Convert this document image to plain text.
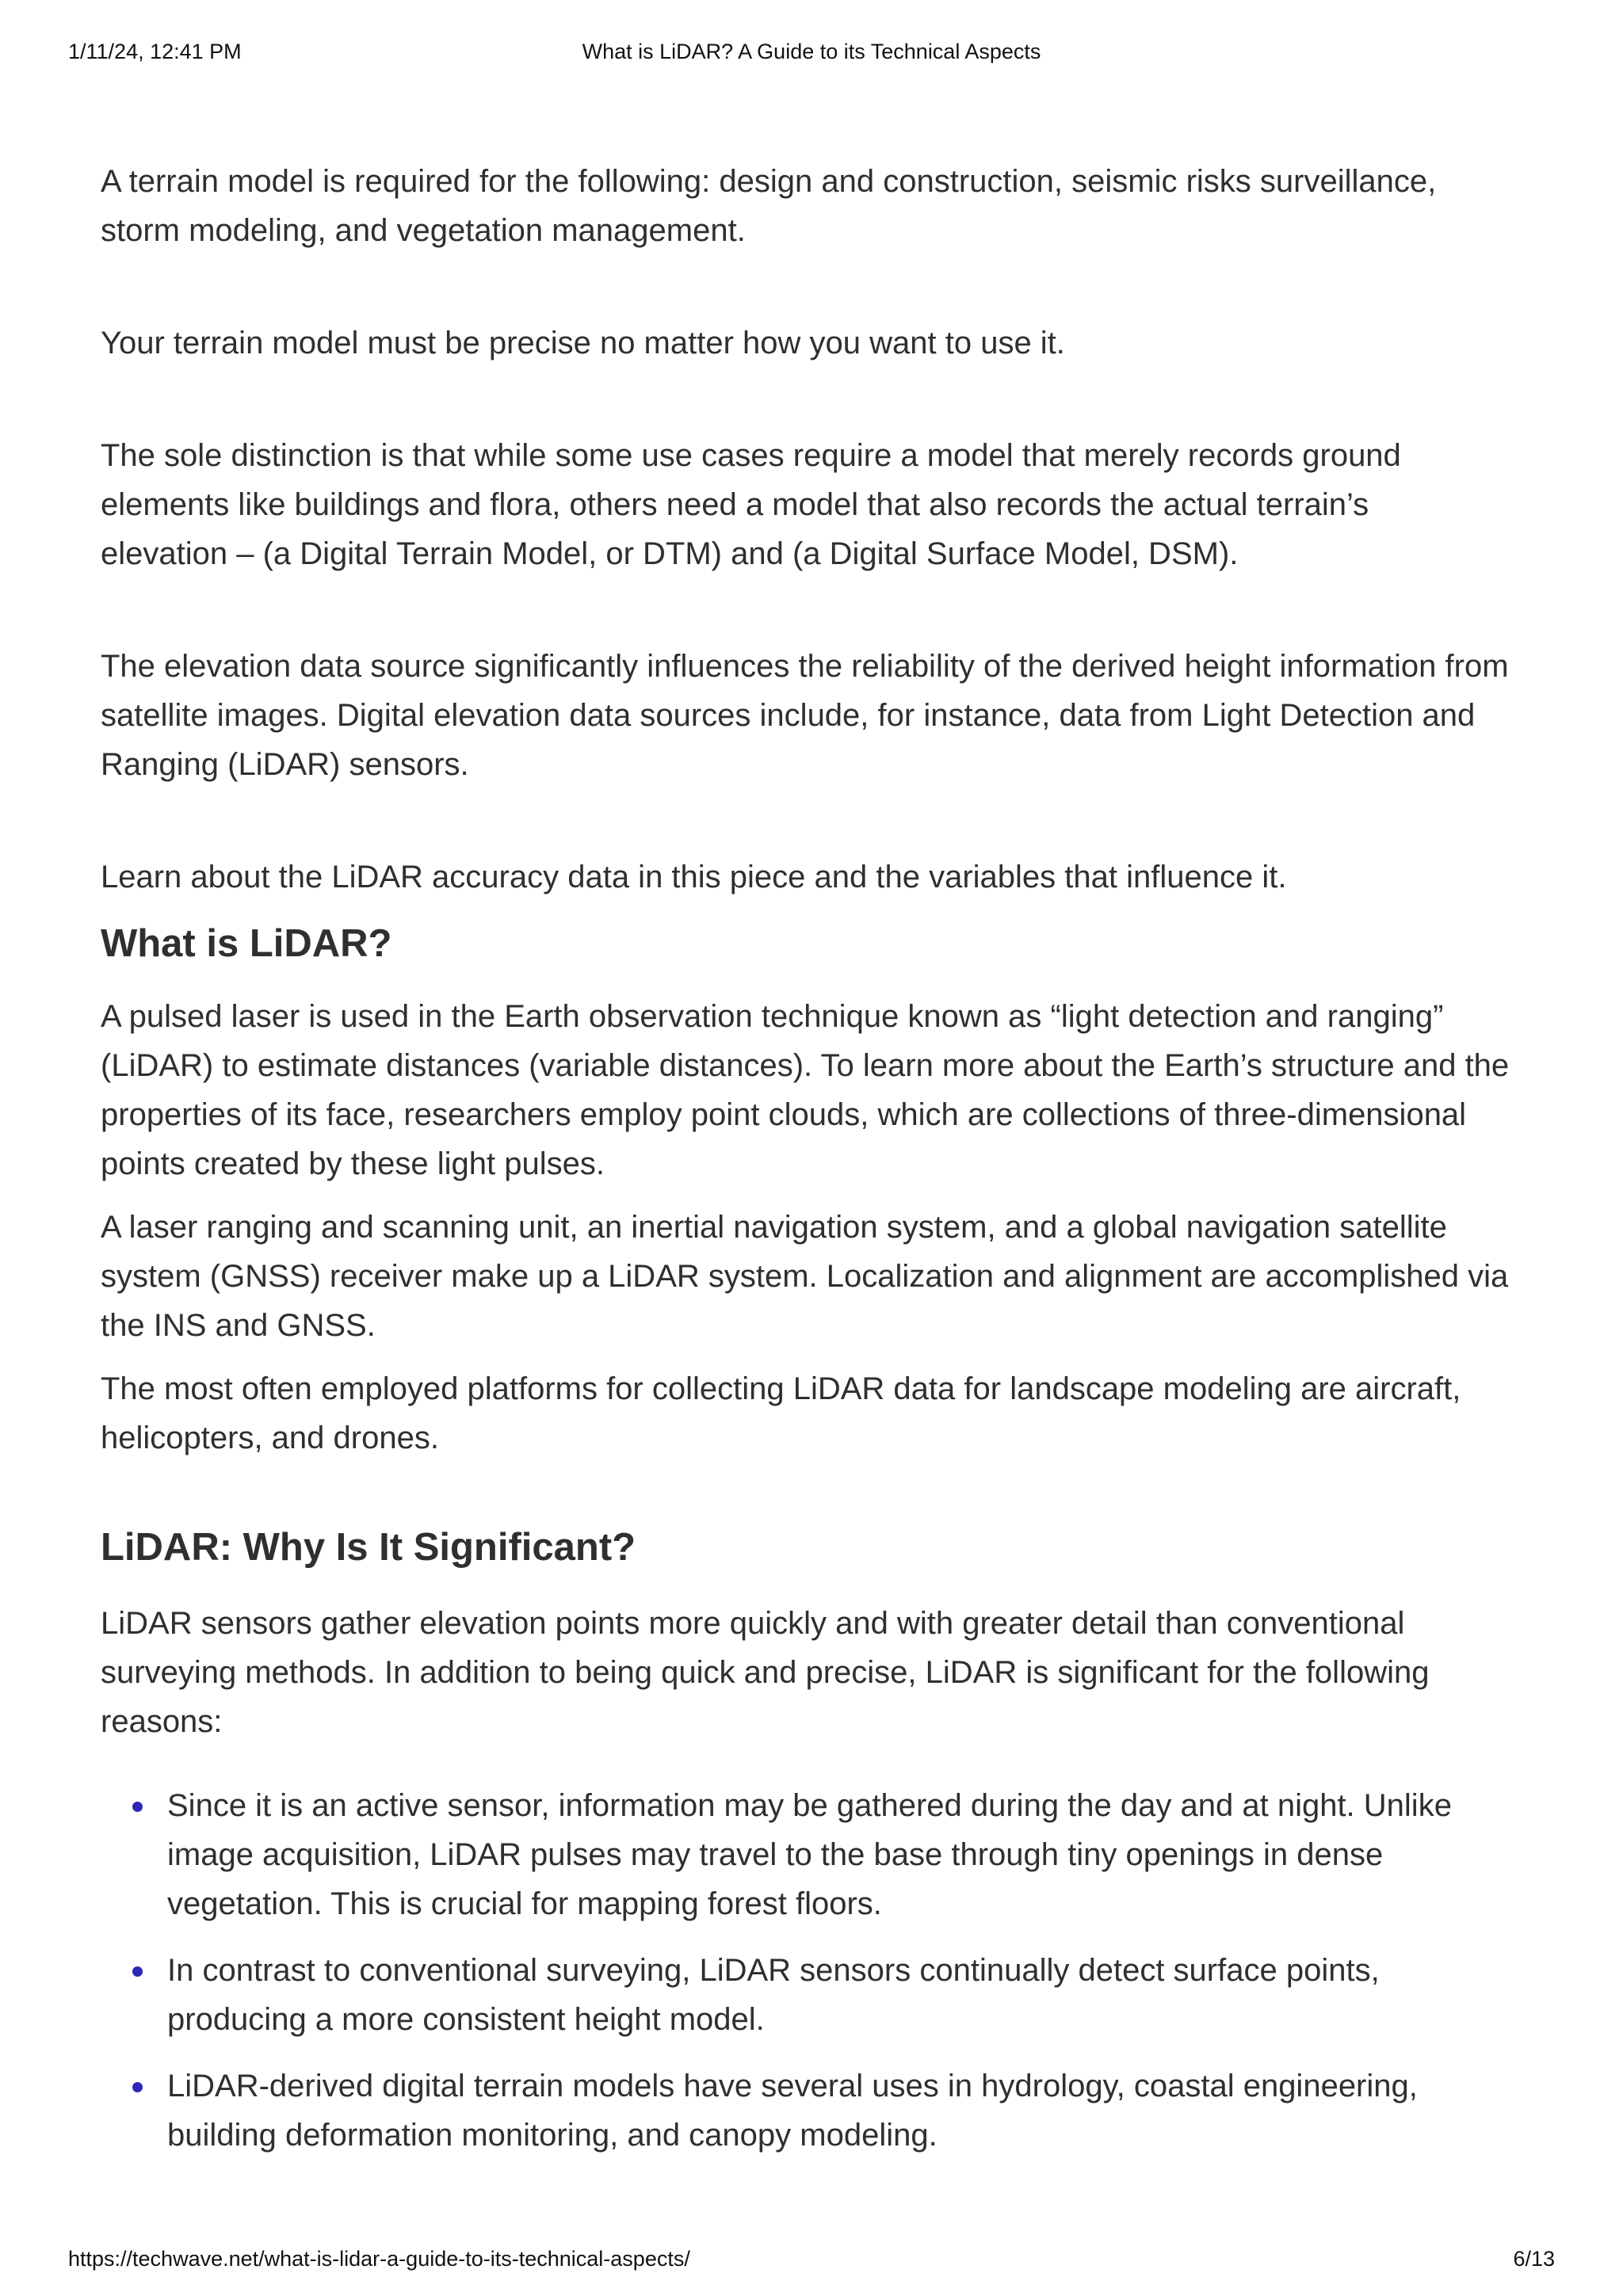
1/11/24, 12:41 PM	What is LiDAR? A Guide to its Technical Aspects

A terrain model is required for the following: design and construction, seismic risks surveillance, storm modeling, and vegetation management.

Your terrain model must be precise no matter how you want to use it.

The sole distinction is that while some use cases require a model that merely records ground elements like buildings and flora, others need a model that also records the actual terrain’s elevation – (a Digital Terrain Model, or DTM) and (a Digital Surface Model, DSM).

The elevation data source significantly influences the reliability of the derived height information from satellite images. Digital elevation data sources include, for instance, data from Light Detection and Ranging (LiDAR) sensors.

Learn about the LiDAR accuracy data in this piece and the variables that influence it.

What is LiDAR?

A pulsed laser is used in the Earth observation technique known as “light detection and ranging” (LiDAR) to estimate distances (variable distances). To learn more about the Earth’s structure and the properties of its face, researchers employ point clouds, which are collections of three-dimensional points created by these light pulses.

A laser ranging and scanning unit, an inertial navigation system, and a global navigation satellite system (GNSS) receiver make up a LiDAR system. Localization and alignment are accomplished via the INS and GNSS.

The most often employed platforms for collecting LiDAR data for landscape modeling are aircraft, helicopters, and drones.

LiDAR: Why Is It Significant?

LiDAR sensors gather elevation points more quickly and with greater detail than conventional surveying methods. In addition to being quick and precise, LiDAR is significant for the following reasons:

Since it is an active sensor, information may be gathered during the day and at night. Unlike image acquisition, LiDAR pulses may travel to the base through tiny openings in dense vegetation. This is crucial for mapping forest floors.
In contrast to conventional surveying, LiDAR sensors continually detect surface points, producing a more consistent height model.
LiDAR-derived digital terrain models have several uses in hydrology, coastal engineering, building deformation monitoring, and canopy modeling.
https://techwave.net/what-is-lidar-a-guide-to-its-technical-aspects/	6/13
